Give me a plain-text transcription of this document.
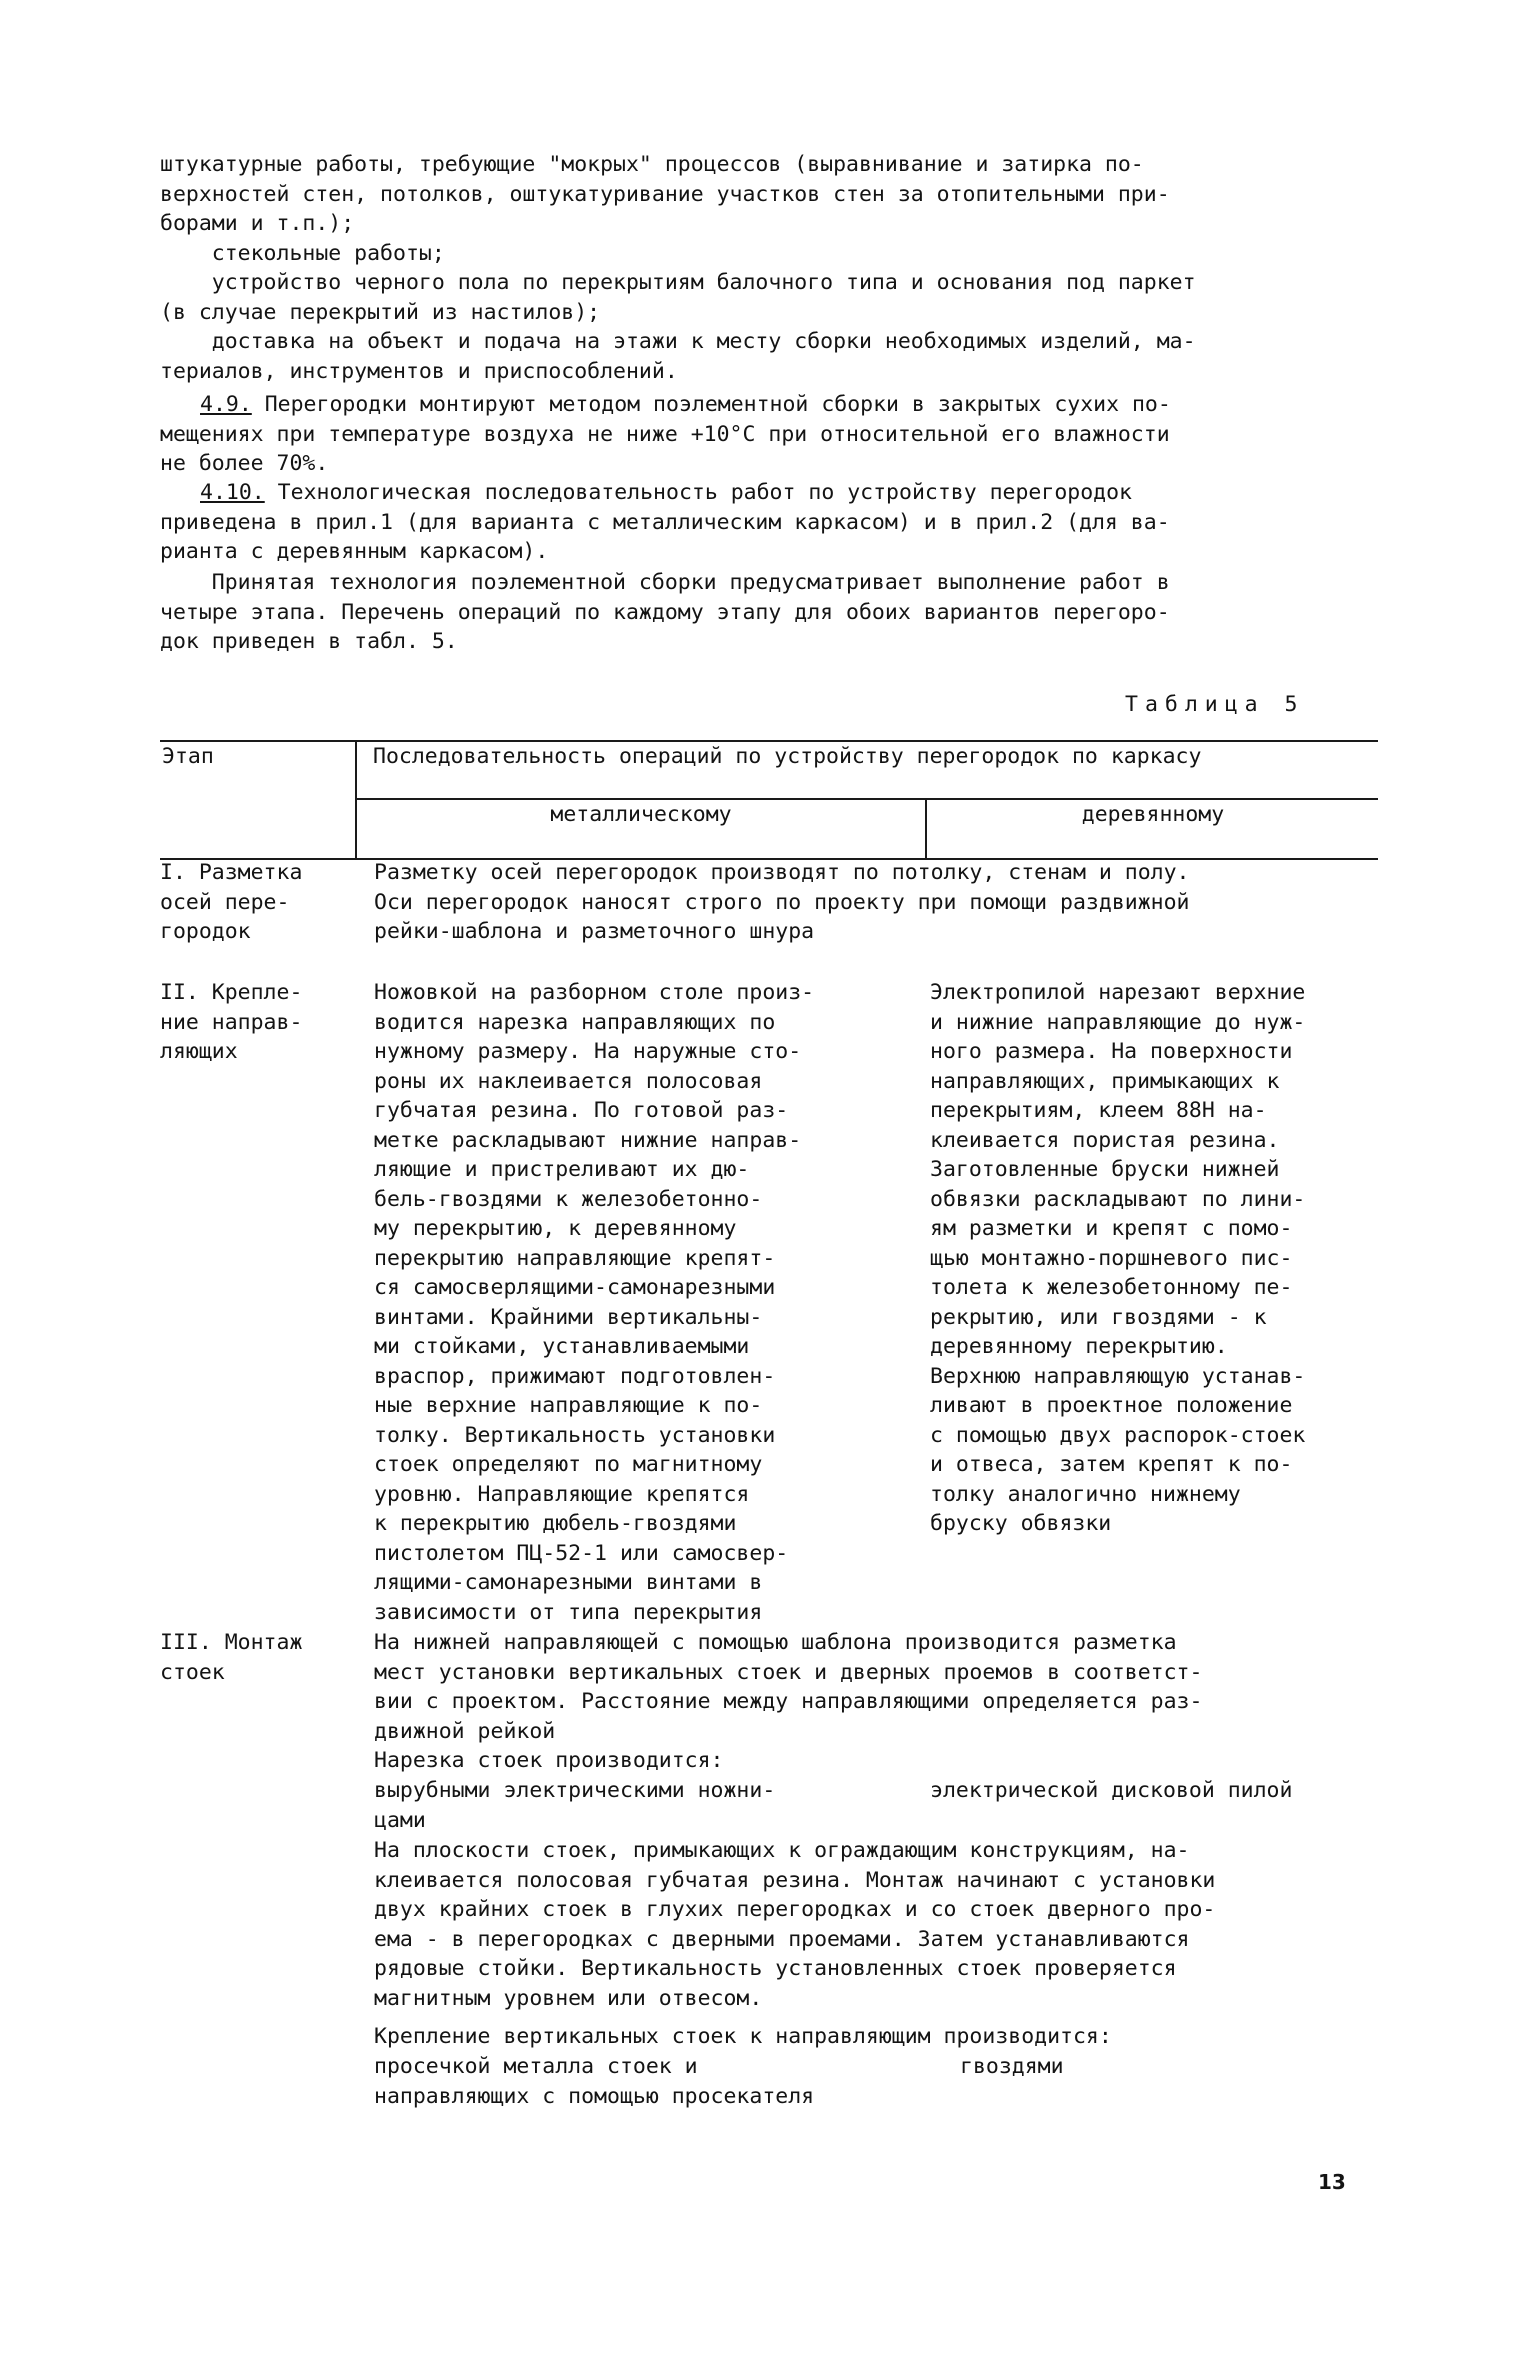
штукатурные работы, требующие "мокрых" процессов (выравнивание и затирка по-
верхностей стен, потолков, оштукатуривание участков стен за отопительными при-
борами и т.п.);
стекольные работы;
устройство черного пола по перекрытиям балочного типа и основания под паркет
(в случае перекрытий из настилов);
доставка на объект и подача на этажи к месту сборки необходимых изделий, ма-
териалов, инструментов и приспособлений.
4.9. Перегородки монтируют методом поэлементной сборки в закрытых сухих по-
мещениях при температуре воздуха не ниже +10°С при относительной его влажности
не более 70%.
4.10. Технологическая последовательность работ по устройству перегородок
приведена в прил.1 (для варианта с металлическим каркасом) и в прил.2 (для ва-
рианта с деревянным каркасом).
Принятая технология поэлементной сборки предусматривает выполнение работ в
четыре этапа. Перечень операций по каждому этапу для обоих вариантов перегоро-
док приведен в табл. 5.
Таблица 5
Этап	Последовательность операций по устройству перегородок по каркасу
металлическому	деревянному
I. Разметка
осей пере-
городок
Разметку осей перегородок производят по потолку, стенам и полу.
Оси перегородок наносят строго по проекту при помощи раздвижной
рейки-шаблона и разметочного шнура
II. Крепле-
ние направ-
ляющих
Ножовкой на разборном столе произ-
водится нарезка направляющих по
нужному размеру. На наружные сто-
роны их наклеивается полосовая
губчатая резина. По готовой раз-
метке раскладывают нижние направ-
ляющие и пристреливают их дю-
бель-гвоздями к железобетонно-
му перекрытию, к деревянному
перекрытию направляющие крепят-
ся самосверлящими-самонарезными
винтами. Крайними вертикальны-
ми стойками, устанавливаемыми
враспор, прижимают подготовлен-
ные верхние направляющие к по-
толку. Вертикальность установки
стоек определяют по магнитному
уровню. Направляющие крепятся
к перекрытию дюбель-гвоздями
пистолетом ПЦ-52-1 или самосвер-
лящими-самонарезными винтами в
зависимости от типа перекрытия
Электропилой нарезают верхние
и нижние направляющие до нуж-
ного размера. На поверхности
направляющих, примыкающих к
перекрытиям, клеем 88Н на-
клеивается пористая резина.
Заготовленные бруски нижней
обвязки раскладывают по лини-
ям разметки и крепят с помо-
щью монтажно-поршневого пис-
толета к железобетонному пе-
рекрытию, или гвоздями - к
деревянному перекрытию.
Верхнюю направляющую устанав-
ливают в проектное положение
с помощью двух распорок-стоек
и отвеса, затем крепят к по-
толку аналогично нижнему
бруску обвязки
III. Монтаж
стоек
На нижней направляющей с помощью шаблона производится разметка
мест установки вертикальных стоек и дверных проемов в соответст-
вии с проектом. Расстояние между направляющими определяется раз-
движной рейкой
Нарезка стоек производится:
вырубными электрическими ножни-
цами
электрической дисковой пилой
На плоскости стоек, примыкающих к ограждающим конструкциям, на-
клеивается полосовая губчатая резина. Монтаж начинают с установки
двух крайних стоек в глухих перегородках и со стоек дверного про-
ема - в перегородках с дверными проемами. Затем устанавливаются
рядовые стойки. Вертикальность установленных стоек проверяется
магнитным уровнем или отвесом.
Крепление вертикальных стоек к направляющим производится:
просечкой металла стоек и
направляющих с помощью просекателя
гвоздями
13
